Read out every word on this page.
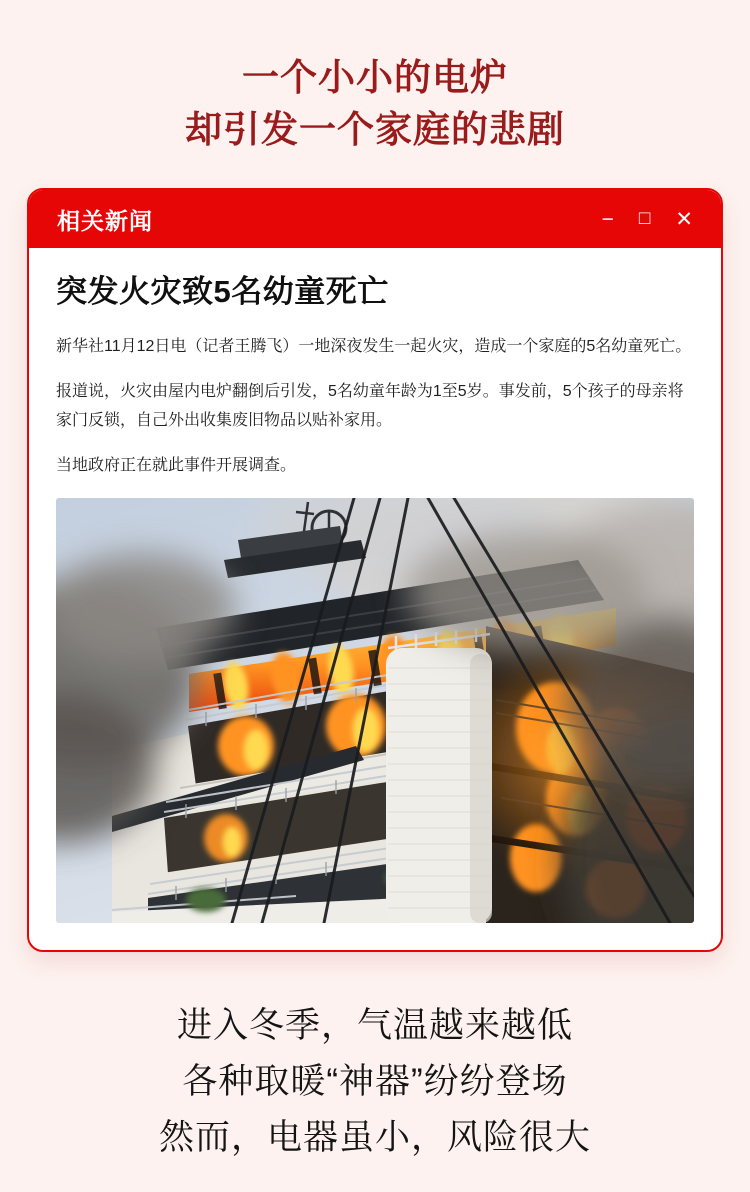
一个小小的电炉
却引发一个家庭的悲剧
相关新闻	− □ ✕
突发火灾致5名幼童死亡

新华社11月12日电（记者王腾飞）一地深夜发生一起火灾，造成一个家庭的5名幼童死亡。

报道说，火灾由屋内电炉翻倒后引发，5名幼童年龄为1至5岁。事发前，5个孩子的母亲将家门反锁，自己外出收集废旧物品以贴补家用。

当地政府正在就此事件开展调查。

进入冬季，气温越来越低
各种取暖“神器”纷纷登场
然而，电器虽小，风险很大
